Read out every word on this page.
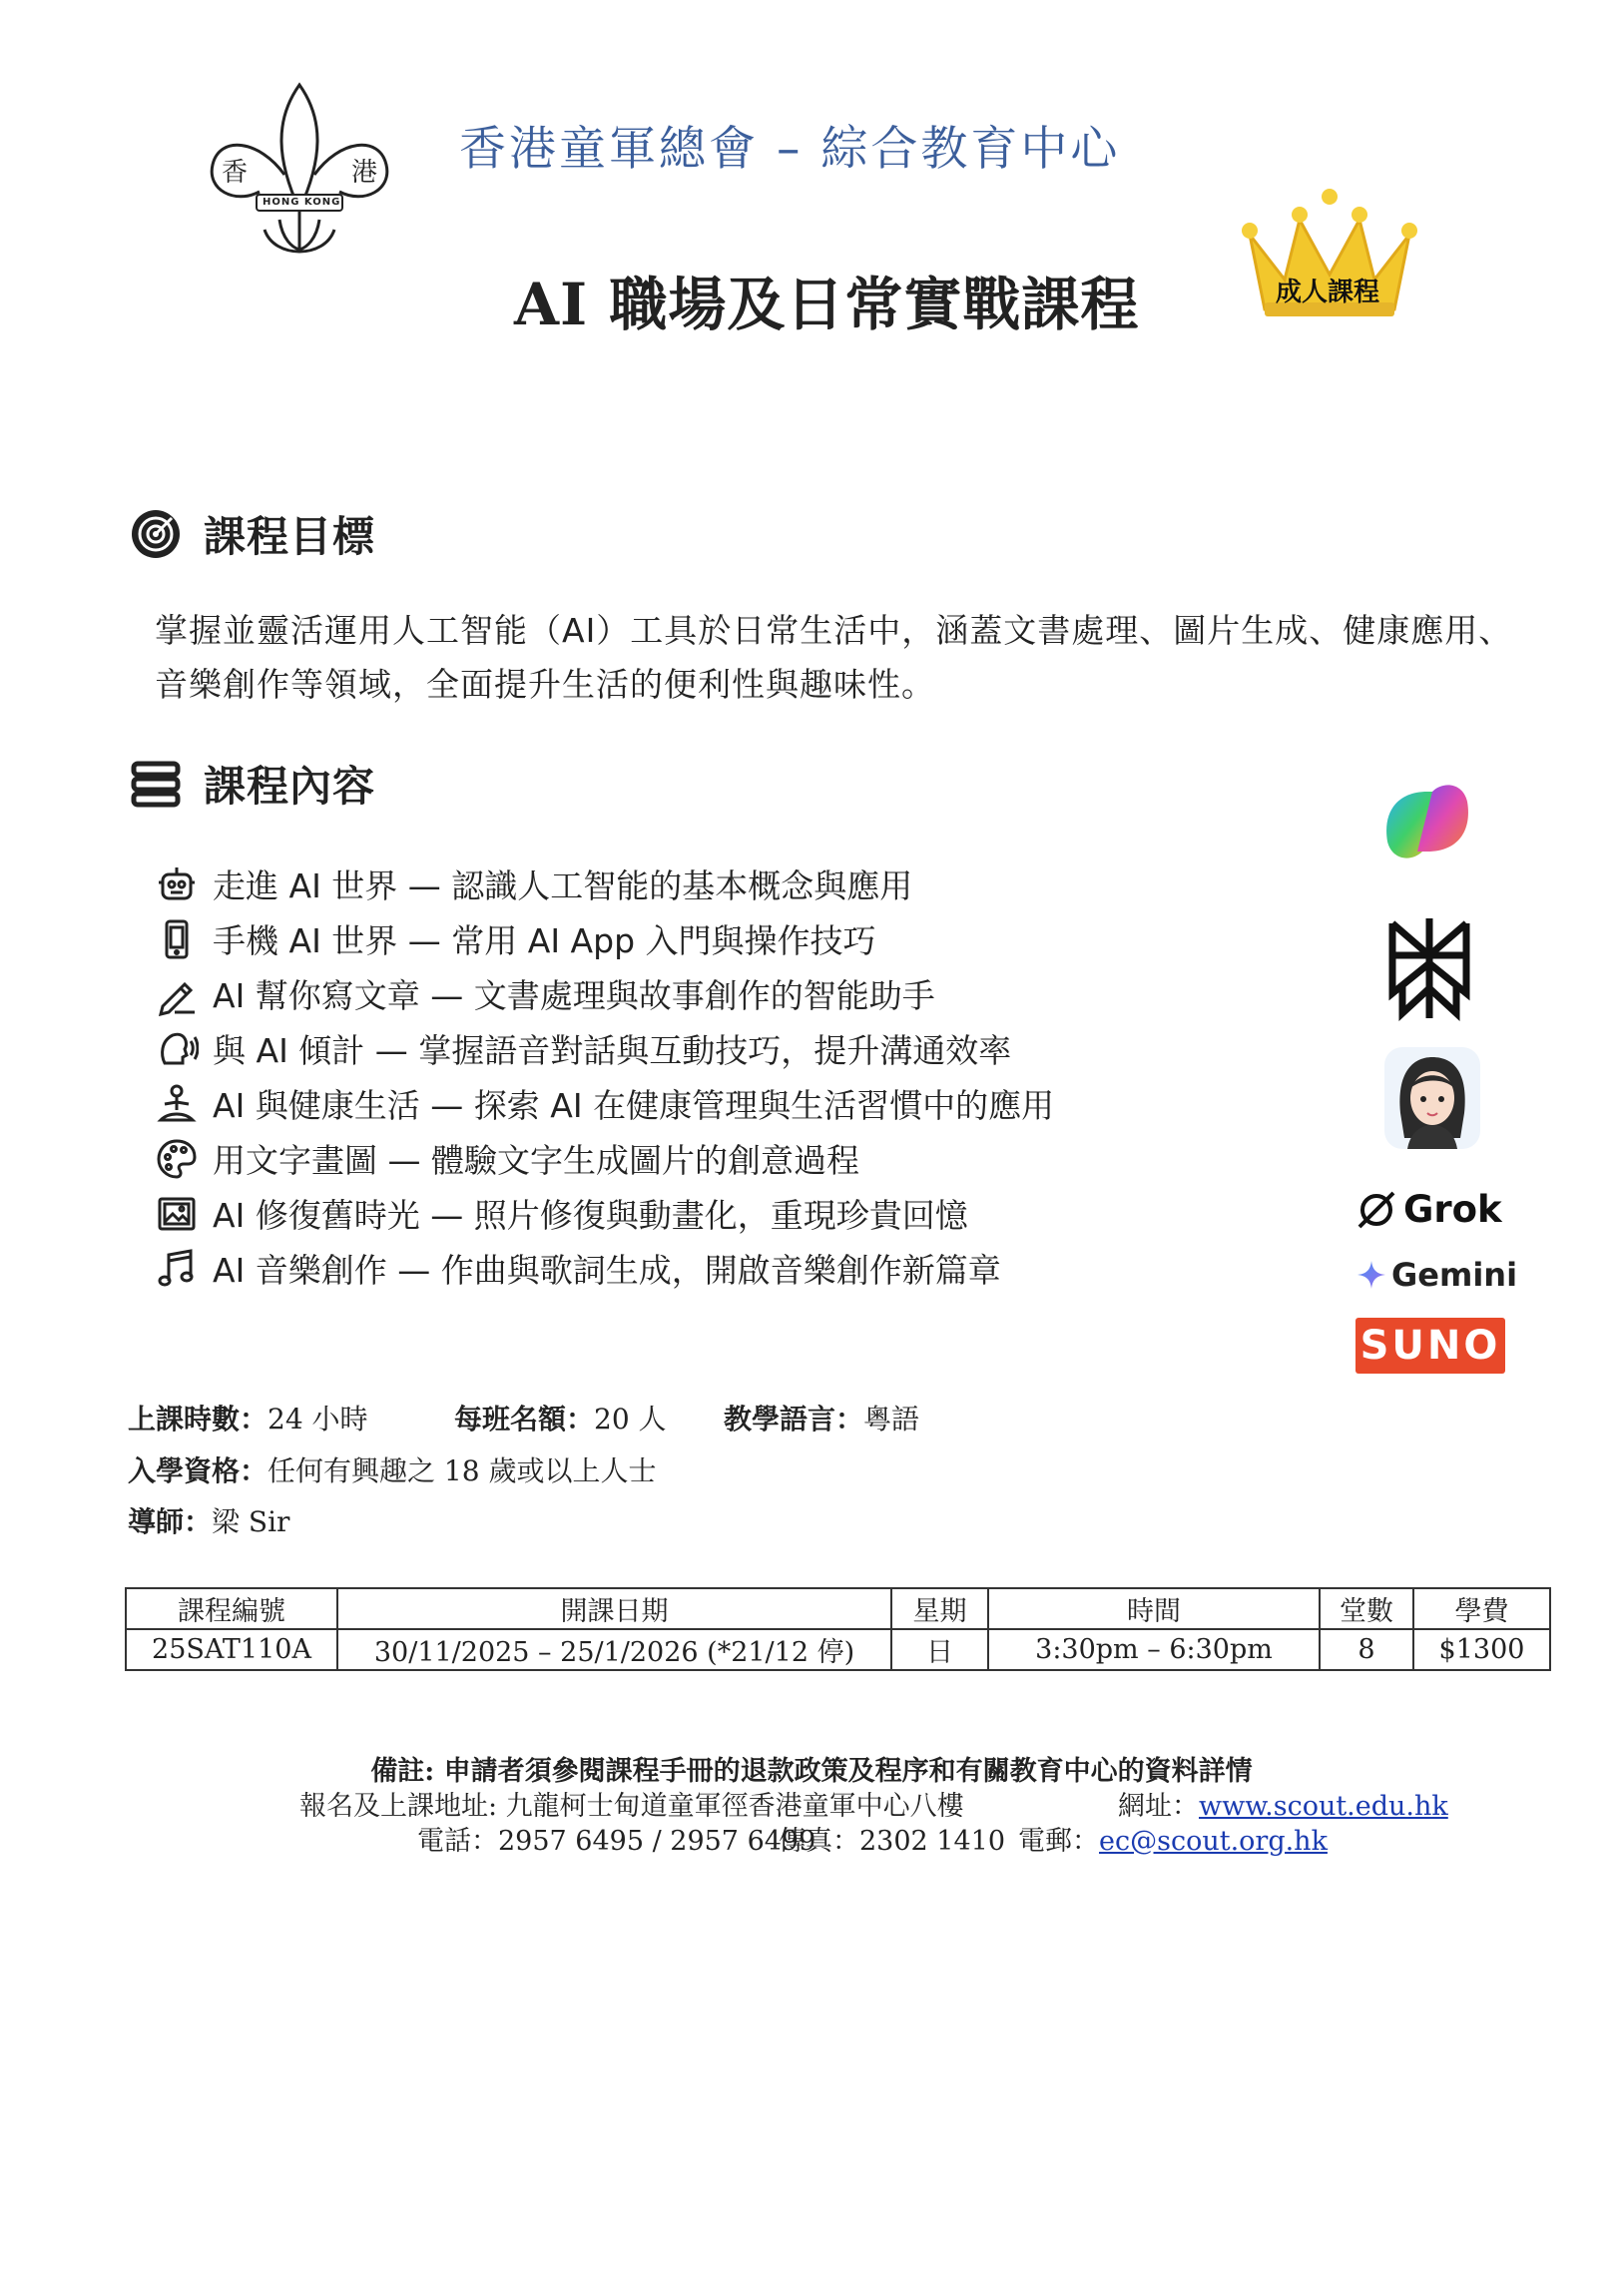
香	港
HONG KONG
香港童軍總會 – 綜合教育中心
AI 職場及日常實戰課程	成人課程
課程目標
掌握並靈活運用人工智能（AI）工具於日常生活中，涵蓋文書處理、圖片生成、健康應用、音樂創作等領域，全面提升生活的便利性與趣味性。
課程內容
走進 AI 世界 — 認識人工智能的基本概念與應用
手機 AI 世界 — 常用 AI App 入門與操作技巧
AI 幫你寫文章 — 文書處理與故事創作的智能助手
與 AI 傾計 — 掌握語音對話與互動技巧，提升溝通效率
AI 與健康生活 — 探索 AI 在健康管理與生活習慣中的應用
用文字畫圖 — 體驗文字生成圖片的創意過程
AI 修復舊時光 — 照片修復與動畫化，重現珍貴回憶
AI 音樂創作 — 作曲與歌詞生成，開啟音樂創作新篇章
Grok
Gemini
SUNO
上課時數：24 小時	每班名額：20 人 教學語言：粵語
入學資格：任何有興趣之 18 歲或以上人士
導師：梁 Sir
課程編號	開課日期	星期	時間	堂數	學費
25SAT110A	30/11/2025 – 25/1/2026 (*21/12 停)	日	3:30pm – 6:30pm	8	$1300
備註: 申請者須參閱課程手冊的退款政策及程序和有關教育中心的資料詳情
報名及上課地址: 九龍柯士甸道童軍徑香港童軍中心八樓	網址：www.scout.edu.hk
電話：2957 6495 / 2957 6499
傳真：2302 1410 電郵：ec@scout.org.hk
